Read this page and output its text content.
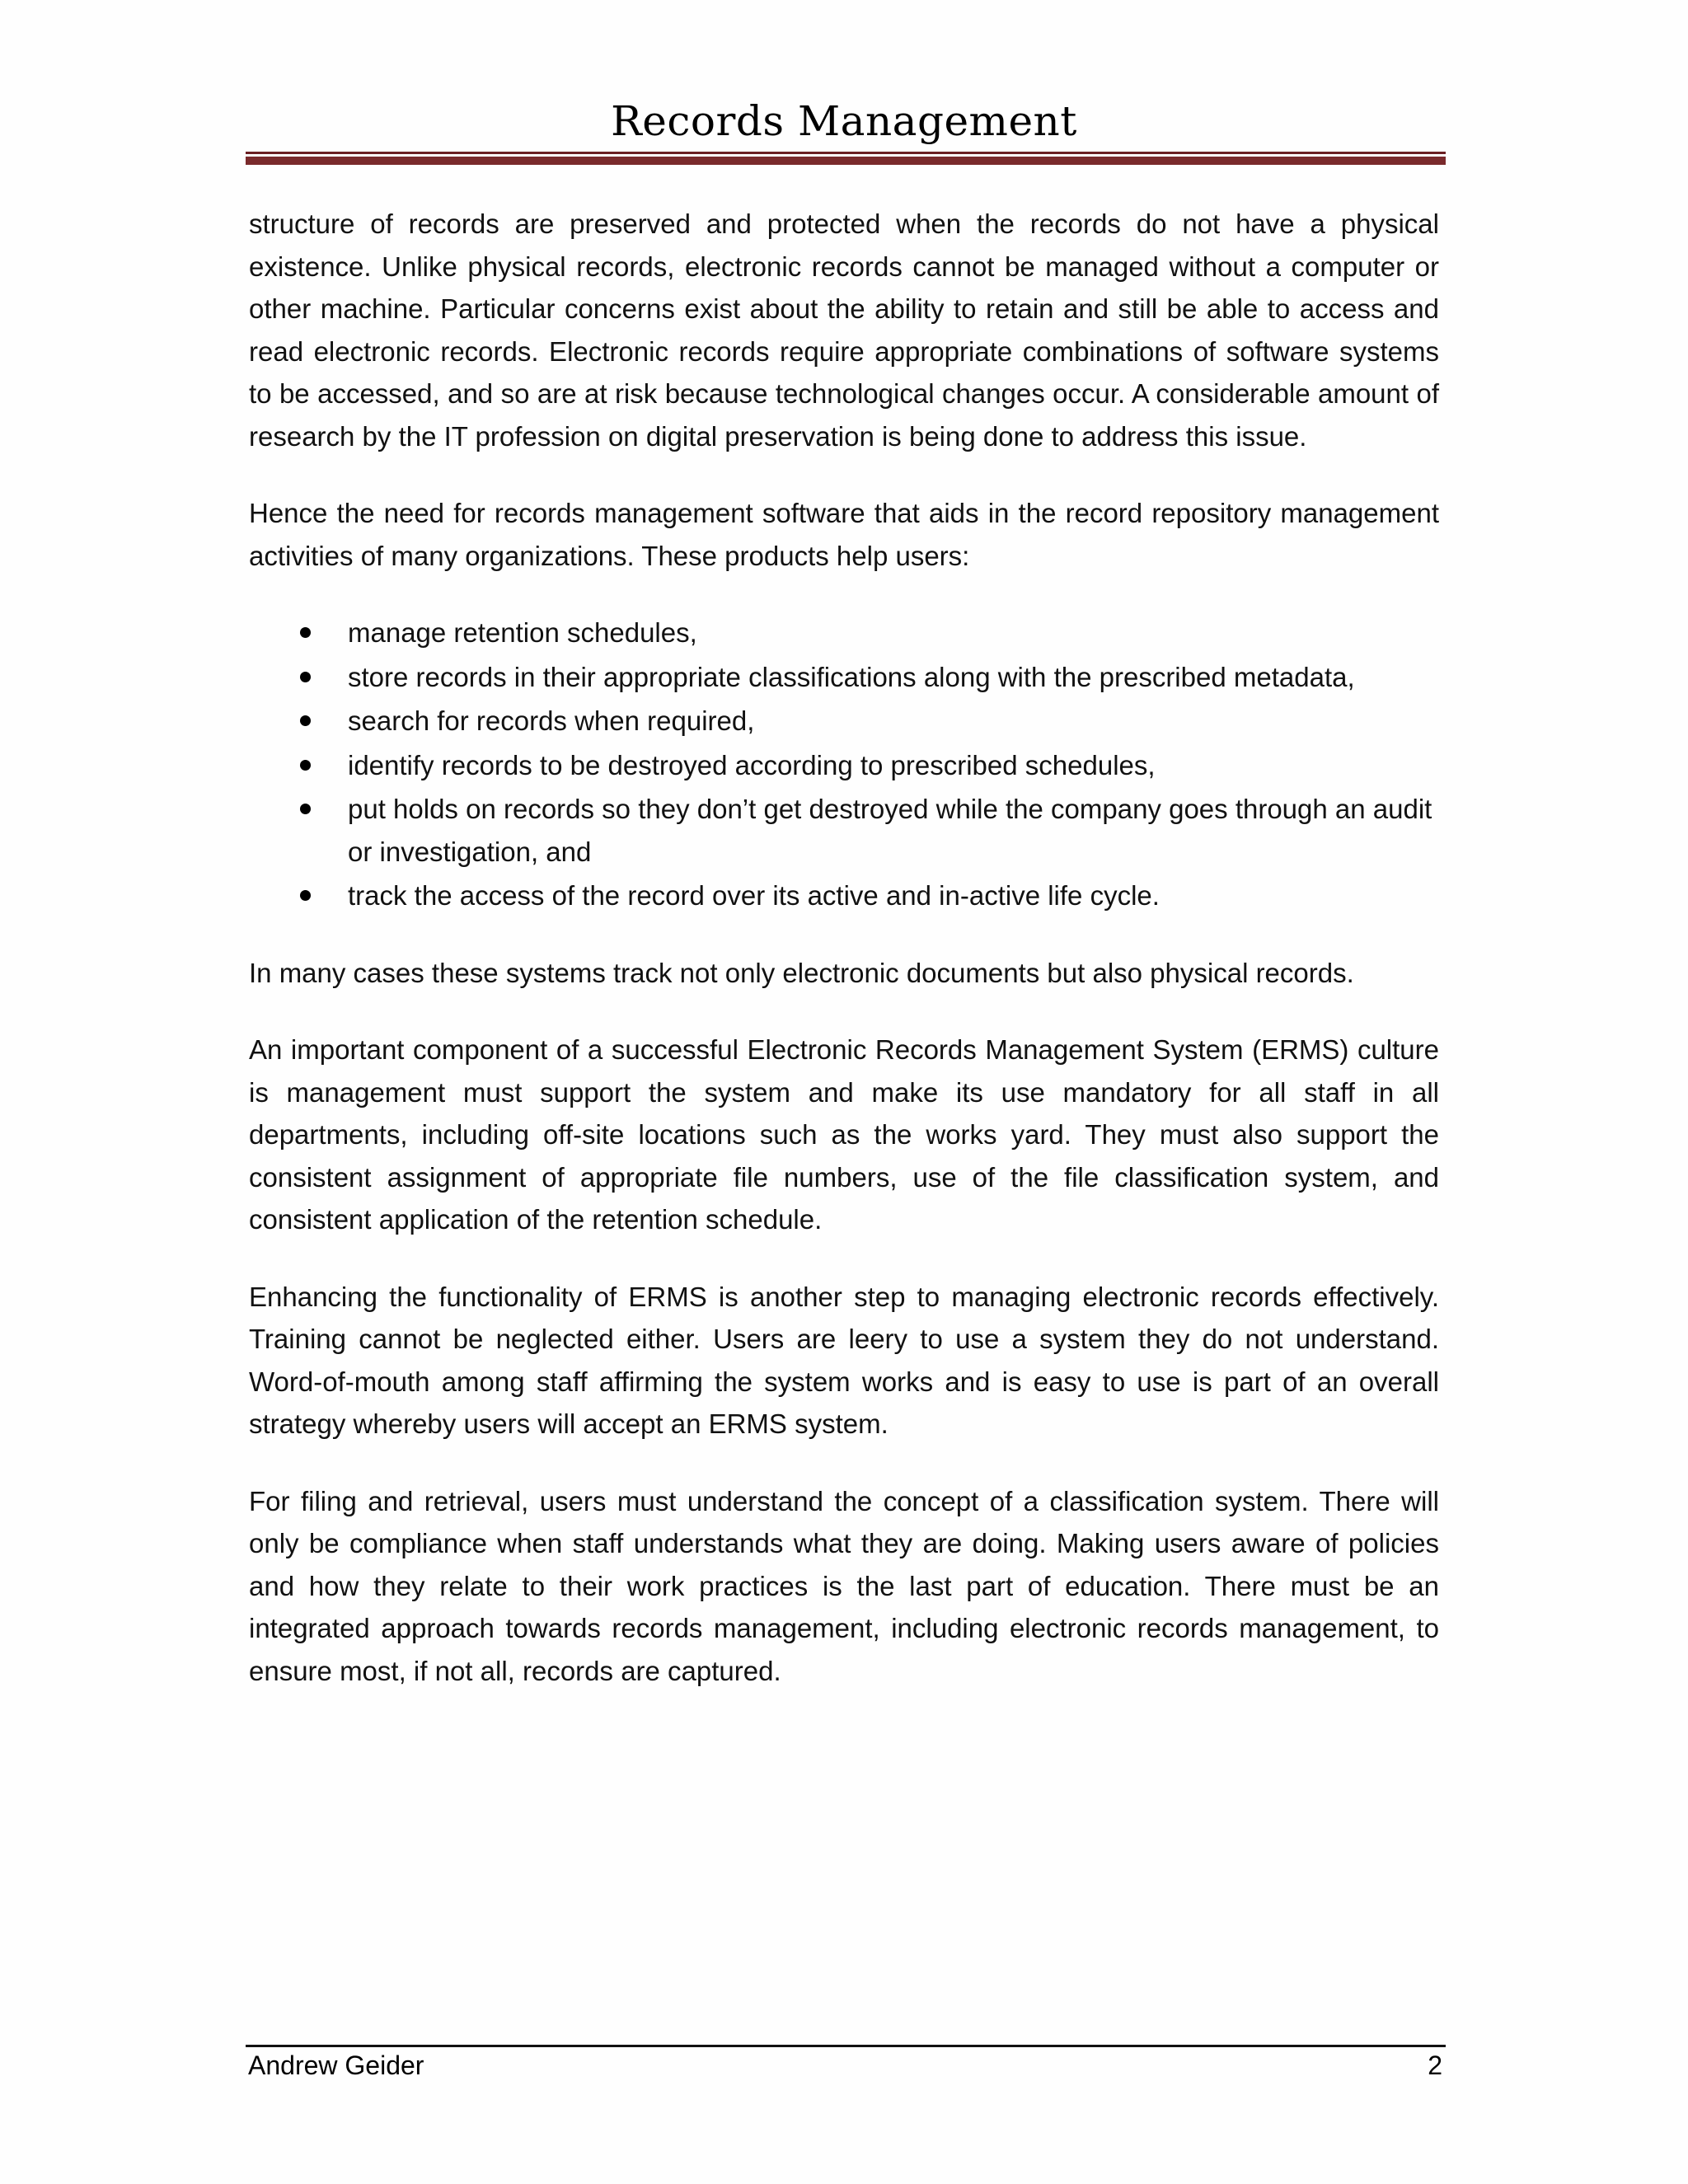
Records Management

structure of records are preserved and protected when the records do not have a physical existence. Unlike physical records, electronic records cannot be managed without a computer or other machine. Particular concerns exist about the ability to retain and still be able to access and read electronic records. Electronic records require appropriate combinations of software systems to be accessed, and so are at risk because technological changes occur. A considerable amount of research by the IT profession on digital preservation is being done to address this issue.

Hence the need for records management software that aids in the record repository management activities of many organizations. These products help users:

manage retention schedules,
store records in their appropriate classifications along with the prescribed metadata,
search for records when required,
identify records to be destroyed according to prescribed schedules,
put holds on records so they don’t get destroyed while the company goes through an audit or investigation, and
track the access of the record over its active and in-active life cycle.

In many cases these systems track not only electronic documents but also physical records.

An important component of a successful Electronic Records Management System (ERMS) culture is management must support the system and make its use mandatory for all staff in all departments, including off-site locations such as the works yard. They must also support the consistent assignment of appropriate file numbers, use of the file classification system, and consistent application of the retention schedule.

Enhancing the functionality of ERMS is another step to managing electronic records effectively. Training cannot be neglected either. Users are leery to use a system they do not understand. Word-of-mouth among staff affirming the system works and is easy to use is part of an overall strategy whereby users will accept an ERMS system.

For filing and retrieval, users must understand the concept of a classification system. There will only be compliance when staff understands what they are doing. Making users aware of policies and how they relate to their work practices is the last part of education. There must be an integrated approach towards records management, including electronic records management, to ensure most, if not all, records are captured.

Andrew Geider	2
